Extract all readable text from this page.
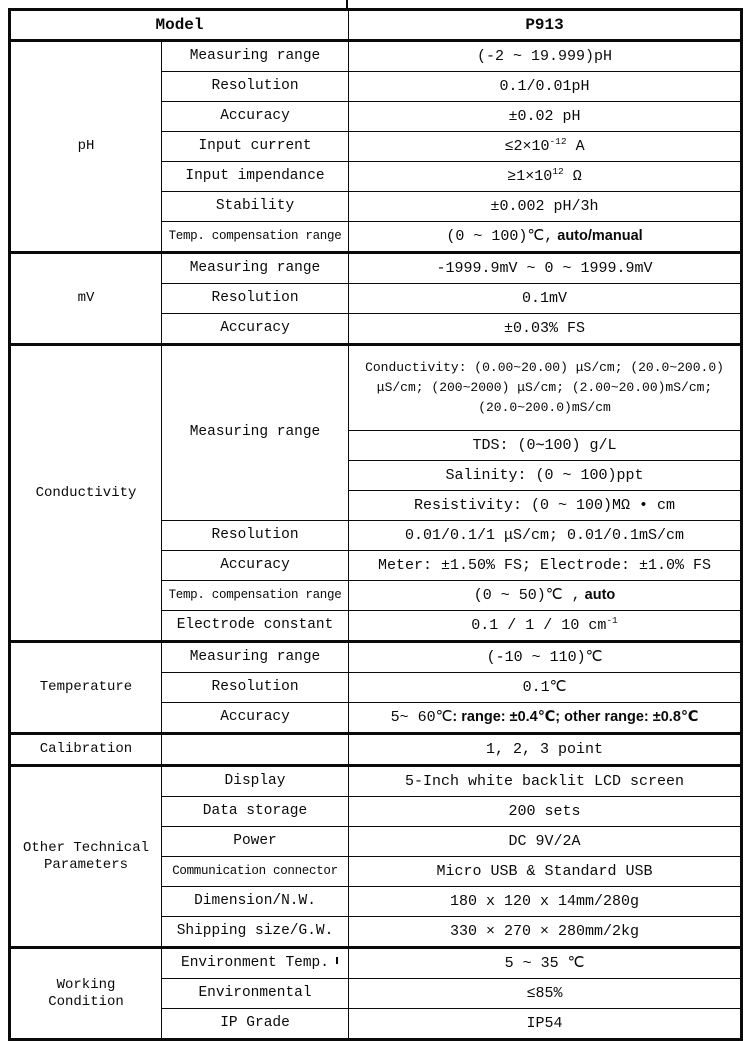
Model		P913
pH	Measuring range	(-2 ~ 19.999)pH
	Resolution	0.1/0.01pH
	Accuracy	±0.02 pH
	Input current	$\le 2\times 10^{-12}$ A
	Input impendance	$\ge 1\times 10^{12}$ Ω
	Stability	±0.002 pH/3h
	Temp. compensation range	(0 ~ 100)℃, auto/manual
mV	Measuring range	-1999.9mV ~ 0 ~ 1999.9mV
	Resolution	0.1mV
	Accuracy	±0.03% FS
Conductivity	Measuring range	Conductivity: (0.00~20.00) μS/cm; (20.0~200.0) μS/cm; (200~2000) μS/cm; (2.00~20.00)mS/cm; (20.0~200.0)mS/cm
		TDS: (0∼100) g/L
		Salinity: (0 ~ 100)ppt
		Resistivity: (0 ~ 100)MΩ • cm
	Resolution	0.01/0.1/1 μS/cm; 0.01/0.1mS/cm
	Accuracy	Meter: ±1.50% FS; Electrode: ±1.0% FS
	Temp. compensation range	(0 ~ 50)℃ , auto
	Electrode constant	0.1 / 1 / 10 $cm^{-1}$
Temperature	Measuring range	(-10 ~ 110)℃
	Resolution	0.1℃
	Accuracy	5~ 60℃: range: ±0.4℃; other range: ±0.8℃
Calibration		1, 2, 3 point
Other Technical Parameters	Display	5-Inch white backlit LCD screen
	Data storage	200 sets
	Power	DC 9V/2A
	Communication connector	Micro USB & Standard USB
	Dimension/N.W.	180 x 120 x 14mm/280g
	Shipping size/G.W.	330 × 270 × 280mm/2kg
Working Condition	Environment Temp.	5 ~ 35 ℃
	Environmental	≤85%
	IP Grade	IP54
